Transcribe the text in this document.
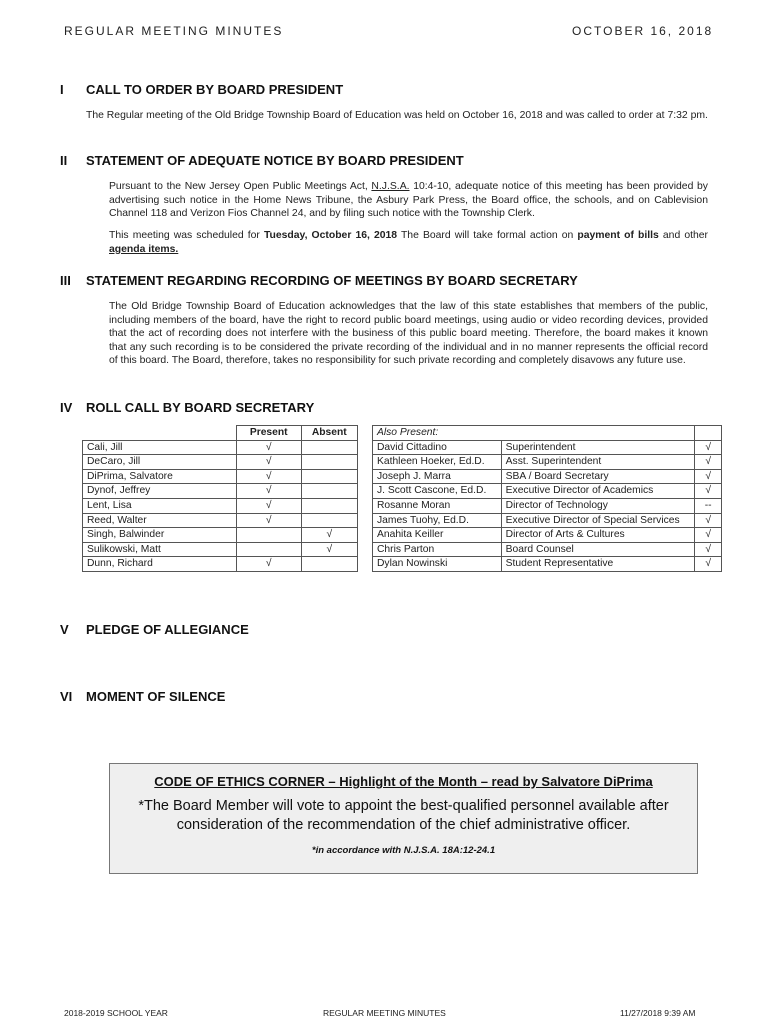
REGULAR MEETING MINUTES	OCTOBER 16, 2018
I CALL TO ORDER BY BOARD PRESIDENT
The Regular meeting of the Old Bridge Township Board of Education was held on October 16, 2018 and was called to order at 7:32 pm.
II STATEMENT OF ADEQUATE NOTICE BY BOARD PRESIDENT
Pursuant to the New Jersey Open Public Meetings Act, N.J.S.A. 10:4-10, adequate notice of this meeting has been provided by advertising such notice in the Home News Tribune, the Asbury Park Press, the Board office, the schools, and on Cablevision Channel 118 and Verizon Fios Channel 24, and by filing such notice with the Township Clerk.
This meeting was scheduled for Tuesday, October 16, 2018 The Board will take formal action on payment of bills and other agenda items.
III STATEMENT REGARDING RECORDING OF MEETINGS BY BOARD SECRETARY
The Old Bridge Township Board of Education acknowledges that the law of this state establishes that members of the public, including members of the board, have the right to record public board meetings, using audio or video recording devices, provided that the act of recording does not interfere with the business of this public board meeting. Therefore, the board makes it known that any such recording is to be considered the private recording of the individual and in no manner represents the official record of this board. The Board, therefore, takes no responsibility for such private recording and completely disavows any future use.
IV ROLL CALL BY BOARD SECRETARY
	Present	Absent
Cali, Jill	√	
DeCaro, Jill	√	
DiPrima, Salvatore	√	
Dynof, Jeffrey	√	
Lent, Lisa	√	
Reed, Walter	√	
Singh, Balwinder		√
Sulikowski, Matt		√
Dunn, Richard	√	
Also Present:		
David Cittadino	Superintendent	√
Kathleen Hoeker, Ed.D.	Asst. Superintendent	√
Joseph J. Marra	SBA / Board Secretary	√
J. Scott Cascone, Ed.D.	Executive Director of Academics	√
Rosanne Moran	Director of Technology	--
James Tuohy, Ed.D.	Executive Director of Special Services	√
Anahita Keiller	Director of Arts & Cultures	√
Chris Parton	Board Counsel	√
Dylan Nowinski	Student Representative	√
V PLEDGE OF ALLEGIANCE
VI MOMENT OF SILENCE
CODE OF ETHICS CORNER – Highlight of the Month – read by Salvatore DiPrima
*The Board Member will vote to appoint the best-qualified personnel available after consideration of the recommendation of the chief administrative officer.
*in accordance with N.J.S.A. 18A:12-24.1
2018-2019 SCHOOL YEAR	REGULAR MEETING MINUTES	11/27/2018 9:39 AM
